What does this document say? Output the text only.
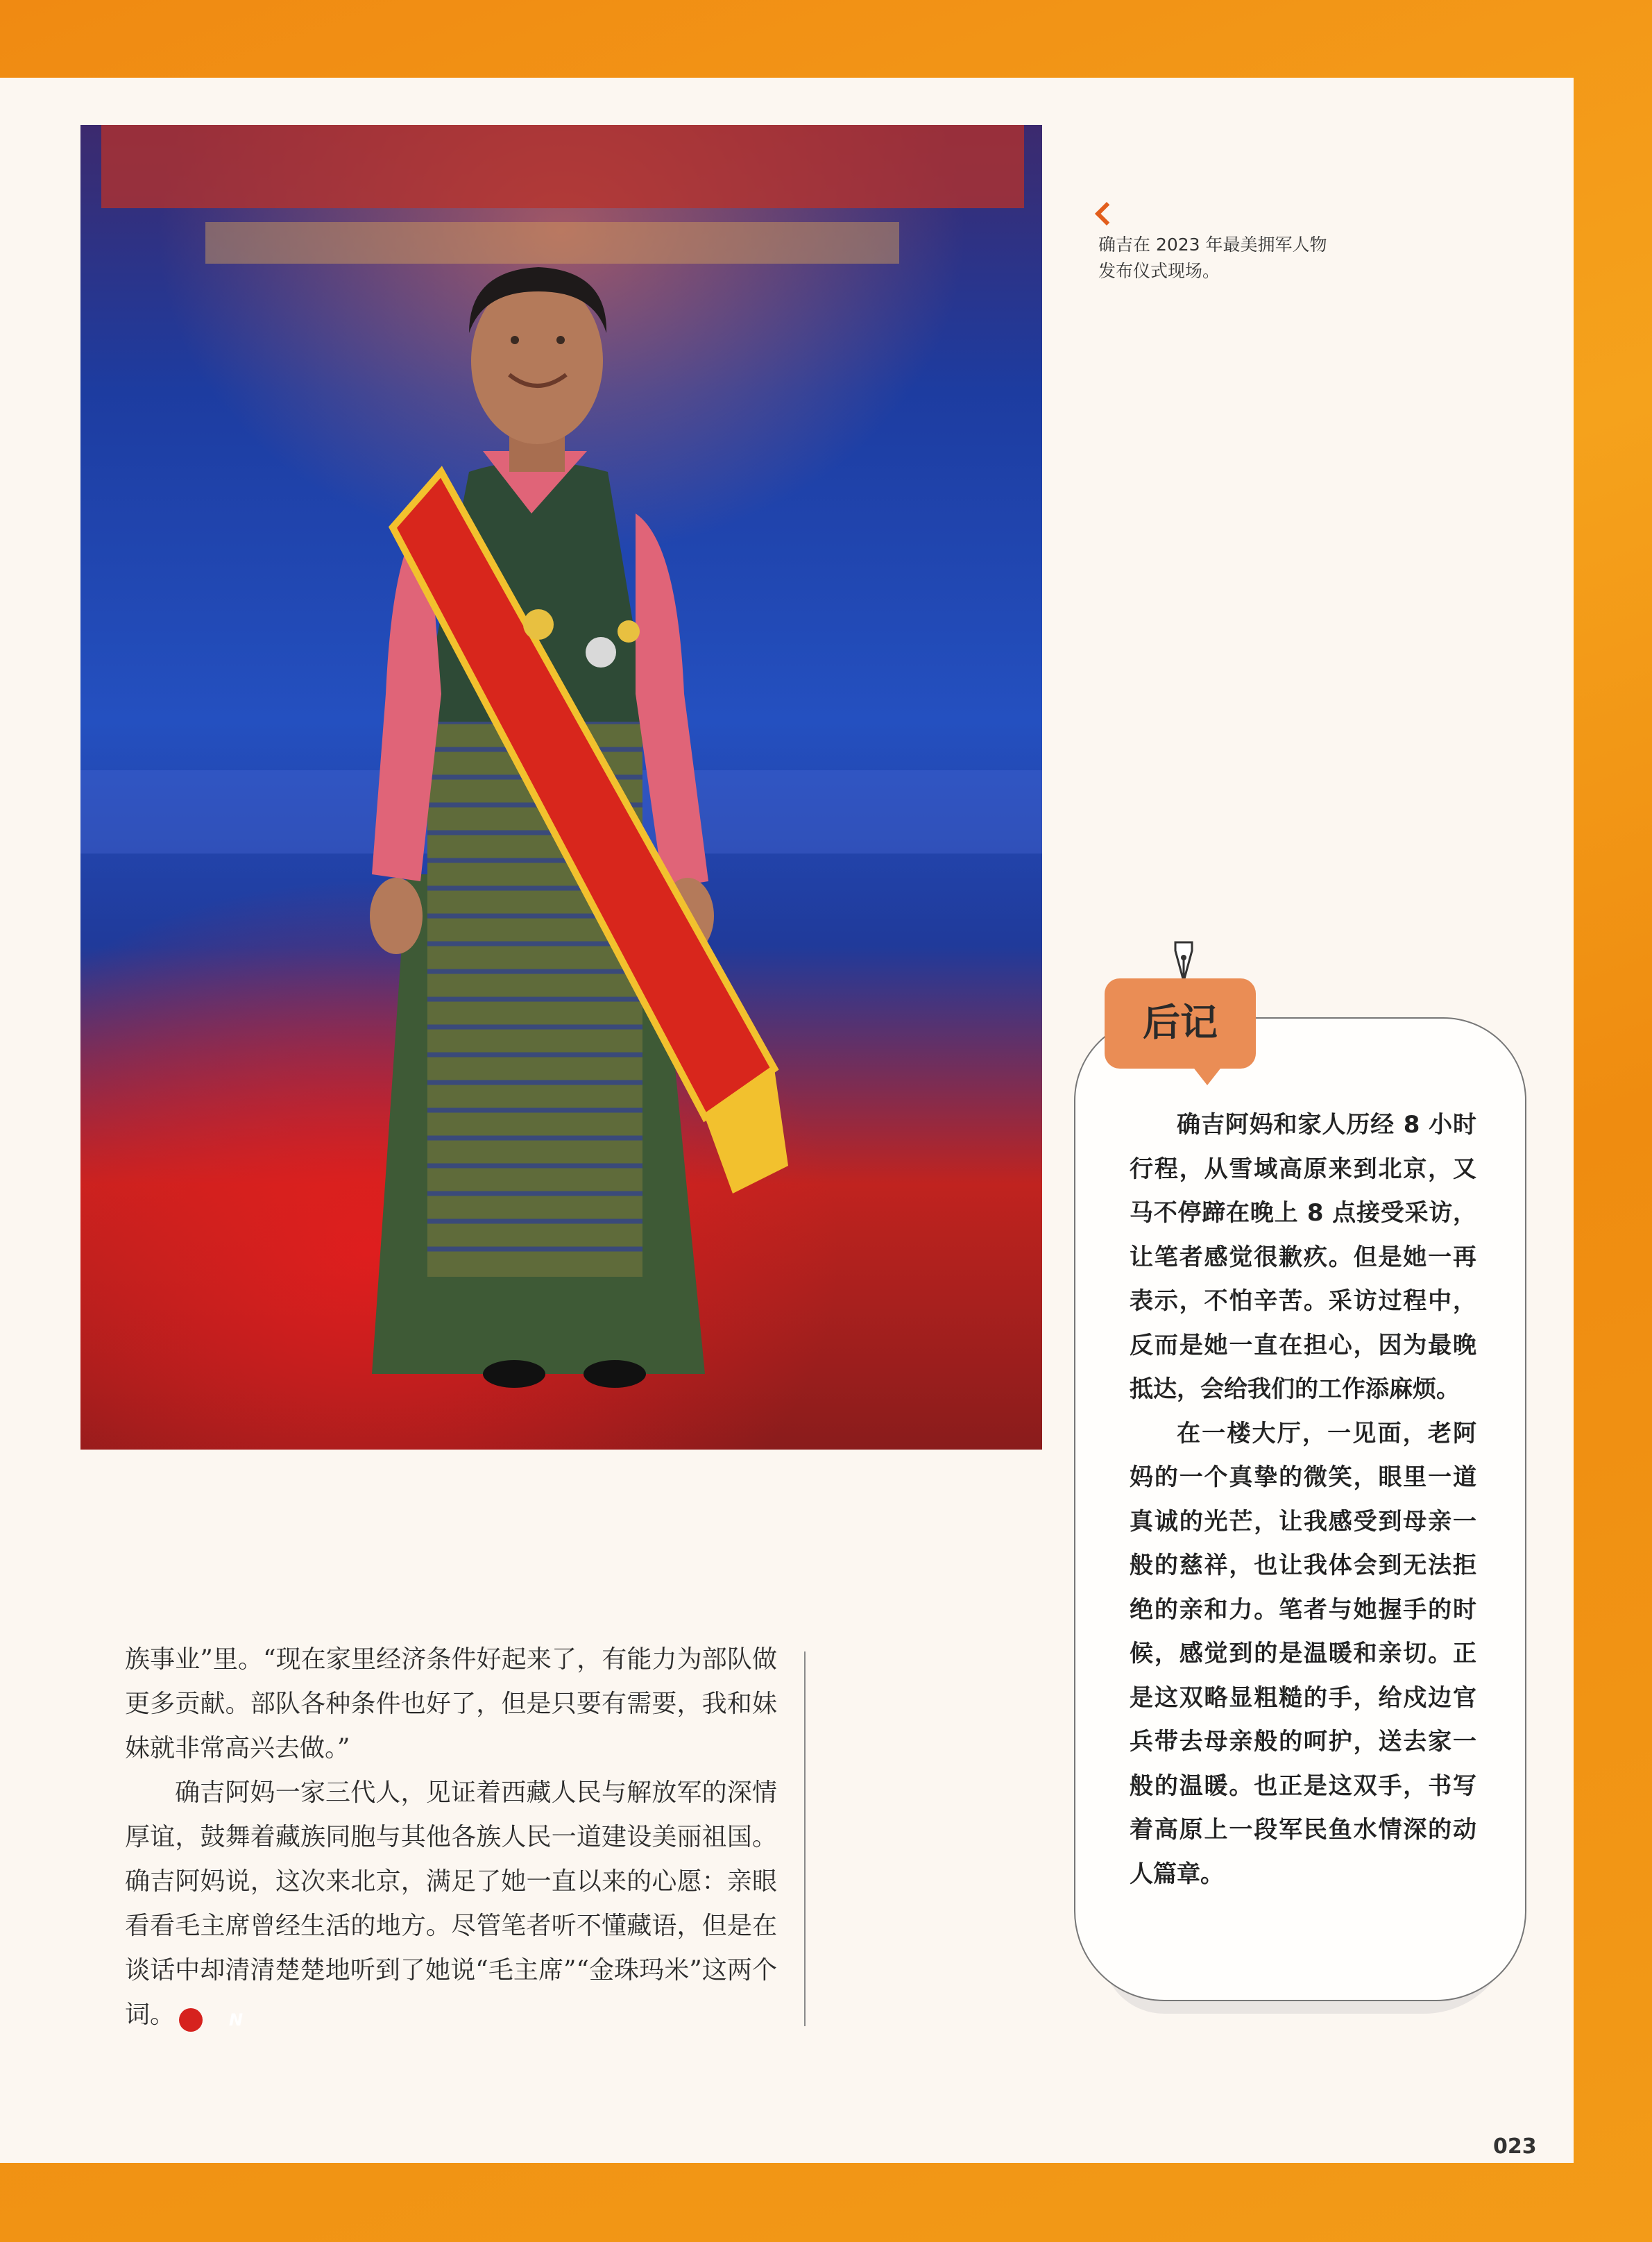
确吉在 2023 年最美拥军人物
发布仪式现场。

族事业”里。“现在家里经济条件好起来了，有能力为部队做更多贡献。部队各种条件也好了，但是只要有需要，我和妹妹就非常高兴去做。”

确吉阿妈一家三代人，见证着西藏人民与解放军的深情厚谊，鼓舞着藏族同胞与其他各族人民一道建设美丽祖国。确吉阿妈说，这次来北京，满足了她一直以来的心愿：亲眼看看毛主席曾经生活的地方。尽管笔者听不懂藏语，但是在谈话中却清清楚楚地听到了她说“毛主席”“金珠玛米”这两个词。	N

后记

确吉阿妈和家人历经 8 小时行程，从雪域高原来到北京，又马不停蹄在晚上 8 点接受采访，让笔者感觉很歉疚。但是她一再表示，不怕辛苦。采访过程中，反而是她一直在担心，因为最晚抵达，会给我们的工作添麻烦。

在一楼大厅，一见面，老阿妈的一个真挚的微笑，眼里一道真诚的光芒，让我感受到母亲一般的慈祥，也让我体会到无法拒绝的亲和力。笔者与她握手的时候，感觉到的是温暖和亲切。正是这双略显粗糙的手，给戍边官兵带去母亲般的呵护，送去家一般的温暖。也正是这双手，书写着高原上一段军民鱼水情深的动人篇章。

023
